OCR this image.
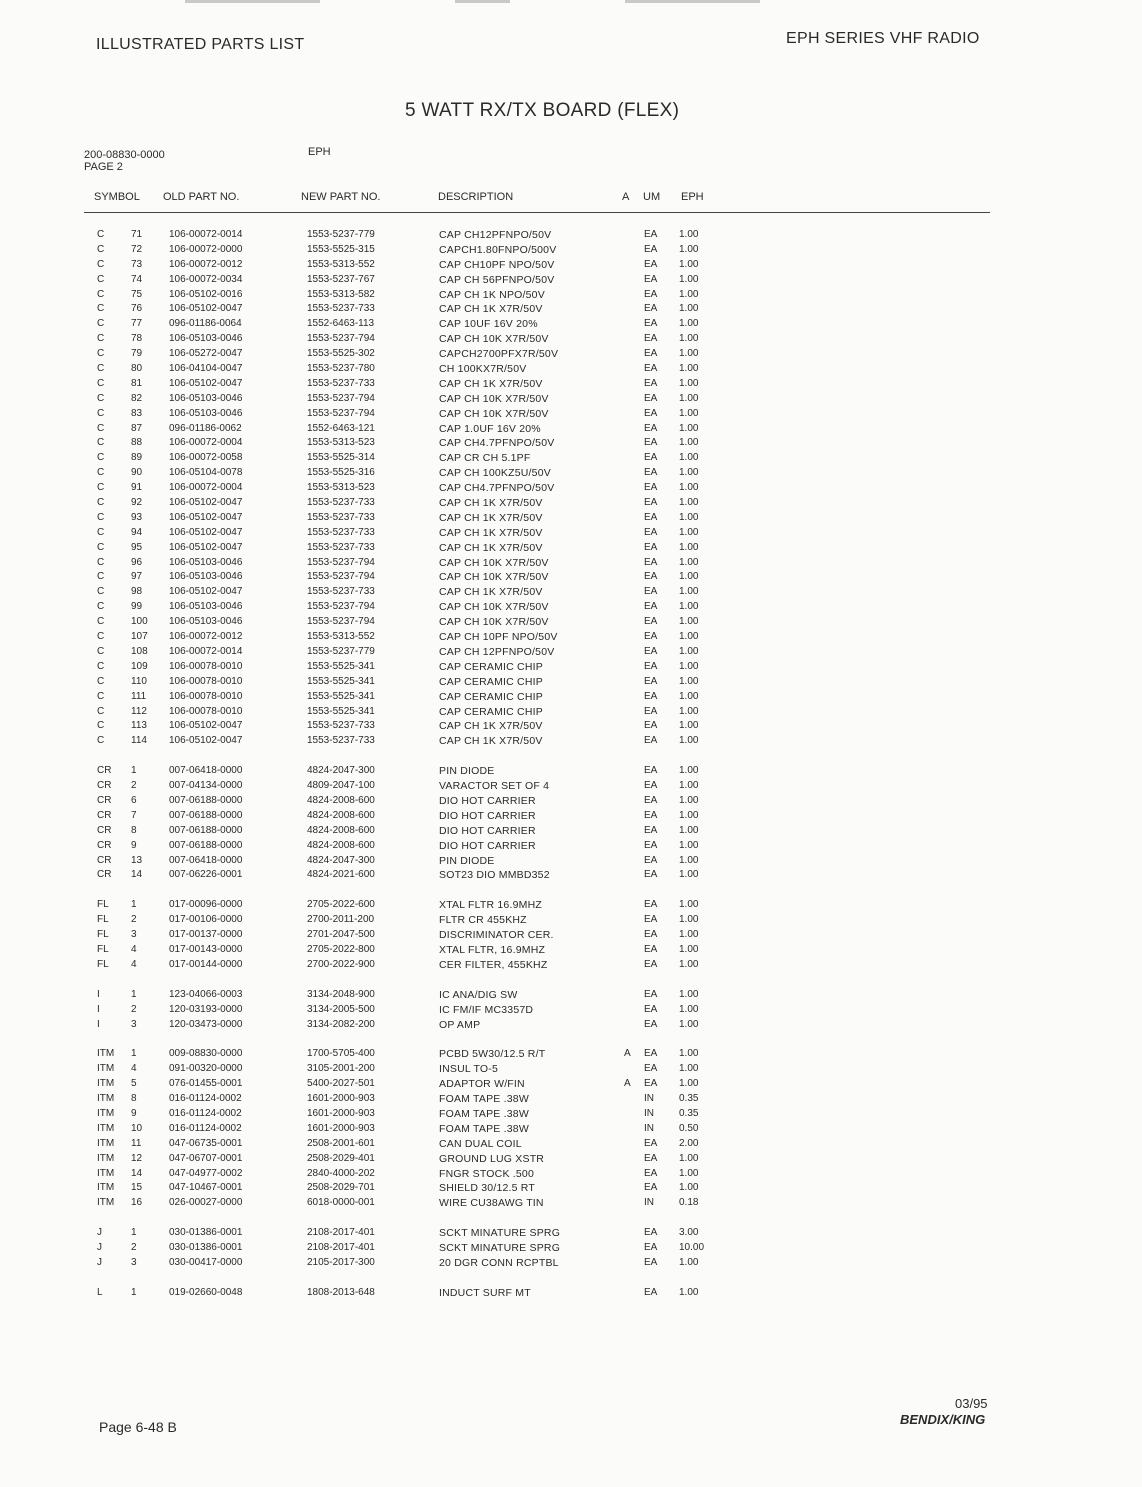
ILLUSTRATED PARTS LIST	EPH SERIES VHF RADIO
5 WATT RX/TX BOARD (FLEX)
200-08830-0000
PAGE 2
EPH
SYMBOL OLD PART NO.	NEW PART NO.	DESCRIPTION	A UM EPH
C	71	106-00072-0014	1553-5237-779	CAP CH12PFNPO/50V	EA 1.00
C	72	106-00072-0000	1553-5525-315	CAPCH1.80FNPO/500V	EA 1.00
C	73	106-00072-0012	1553-5313-552	CAP CH10PF NPO/50V	EA 1.00
C	74	106-00072-0034	1553-5237-767	CAP CH 56PFNPO/50V	EA 1.00
C	75	106-05102-0016	1553-5313-582	CAP CH 1K NPO/50V	EA 1.00
C	76	106-05102-0047	1553-5237-733	CAP CH 1K X7R/50V	EA 1.00
C	77	096-01186-0064	1552-6463-113	CAP 10UF 16V 20%	EA 1.00
C	78	106-05103-0046	1553-5237-794	CAP CH 10K X7R/50V	EA 1.00
C	79	106-05272-0047	1553-5525-302	CAPCH2700PFX7R/50V	EA 1.00
C	80	106-04104-0047	1553-5237-780	CH 100KX7R/50V	EA 1.00
C	81	106-05102-0047	1553-5237-733	CAP CH 1K X7R/50V	EA 1.00
C	82	106-05103-0046	1553-5237-794	CAP CH 10K X7R/50V	EA 1.00
C	83	106-05103-0046	1553-5237-794	CAP CH 10K X7R/50V	EA 1.00
C	87	096-01186-0062	1552-6463-121	CAP 1.0UF 16V 20%	EA 1.00
C	88	106-00072-0004	1553-5313-523	CAP CH4.7PFNPO/50V	EA 1.00
C	89	106-00072-0058	1553-5525-314	CAP CR CH 5.1PF	EA 1.00
C	90	106-05104-0078	1553-5525-316	CAP CH 100KZ5U/50V	EA 1.00
C	91	106-00072-0004	1553-5313-523	CAP CH4.7PFNPO/50V	EA 1.00
C	92	106-05102-0047	1553-5237-733	CAP CH 1K X7R/50V	EA 1.00
C	93	106-05102-0047	1553-5237-733	CAP CH 1K X7R/50V	EA 1.00
C	94	106-05102-0047	1553-5237-733	CAP CH 1K X7R/50V	EA 1.00
C	95	106-05102-0047	1553-5237-733	CAP CH 1K X7R/50V	EA 1.00
C	96	106-05103-0046	1553-5237-794	CAP CH 10K X7R/50V	EA 1.00
C	97	106-05103-0046	1553-5237-794	CAP CH 10K X7R/50V	EA 1.00
C	98	106-05102-0047	1553-5237-733	CAP CH 1K X7R/50V	EA 1.00
C	99	106-05103-0046	1553-5237-794	CAP CH 10K X7R/50V	EA 1.00
C	100 106-05103-0046	1553-5237-794	CAP CH 10K X7R/50V	EA 1.00
C	107 106-00072-0012	1553-5313-552	CAP CH 10PF NPO/50V	EA 1.00
C	108 106-00072-0014	1553-5237-779	CAP CH 12PFNPO/50V	EA 1.00
C	109 106-00078-0010	1553-5525-341	CAP CERAMIC CHIP	EA 1.00
C	110 106-00078-0010	1553-5525-341	CAP CERAMIC CHIP	EA 1.00
C	111 106-00078-0010	1553-5525-341	CAP CERAMIC CHIP	EA 1.00
C	112 106-00078-0010	1553-5525-341	CAP CERAMIC CHIP	EA 1.00
C	113 106-05102-0047	1553-5237-733	CAP CH 1K X7R/50V	EA 1.00
C	114 106-05102-0047	1553-5237-733	CAP CH 1K X7R/50V	EA 1.00
CR 1	007-06418-0000	4824-2047-300	PIN DIODE	EA 1.00
CR 2	007-04134-0000	4809-2047-100	VARACTOR SET OF 4	EA 1.00
CR 6	007-06188-0000	4824-2008-600	DIO HOT CARRIER	EA 1.00
CR 7	007-06188-0000	4824-2008-600	DIO HOT CARRIER	EA 1.00
CR 8	007-06188-0000	4824-2008-600	DIO HOT CARRIER	EA 1.00
CR 9	007-06188-0000	4824-2008-600	DIO HOT CARRIER	EA 1.00
CR 13	007-06418-0000	4824-2047-300	PIN DIODE	EA 1.00
CR 14	007-06226-0001	4824-2021-600	SOT23 DIO MMBD352	EA 1.00
FL 1	017-00096-0000	2705-2022-600	XTAL FLTR 16.9MHZ	EA 1.00
FL 2	017-00106-0000	2700-2011-200	FLTR CR 455KHZ	EA 1.00
FL 3	017-00137-0000	2701-2047-500	DISCRIMINATOR CER.	EA 1.00
FL 4	017-00143-0000	2705-2022-800	XTAL FLTR, 16.9MHZ	EA 1.00
FL 4	017-00144-0000	2700-2022-900	CER FILTER, 455KHZ	EA 1.00
I	1	123-04066-0003	3134-2048-900	IC ANA/DIG SW	EA 1.00
I	2	120-03193-0000	3134-2005-500	IC FM/IF MC3357D	EA 1.00
I	3	120-03473-0000	3134-2082-200	OP AMP	EA 1.00
ITM 1	009-08830-0000	1700-5705-400	PCBD 5W30/12.5 R/T	A EA 1.00
ITM 4	091-00320-0000	3105-2001-200	INSUL TO-5	EA 1.00
ITM 5	076-01455-0001	5400-2027-501	ADAPTOR W/FIN	A EA 1.00
ITM 8	016-01124-0002	1601-2000-903	FOAM TAPE .38W	IN	0.35
ITM 9	016-01124-0002	1601-2000-903	FOAM TAPE .38W	IN	0.35
ITM 10	016-01124-0002	1601-2000-903	FOAM TAPE .38W	IN	0.50
ITM 11	047-06735-0001	2508-2001-601	CAN DUAL COIL	EA 2.00
ITM 12	047-06707-0001	2508-2029-401	GROUND LUG XSTR	EA 1.00
ITM 14	047-04977-0002	2840-4000-202	FNGR STOCK .500	EA 1.00
ITM 15	047-10467-0001	2508-2029-701	SHIELD 30/12.5 RT	EA 1.00
ITM 16	026-00027-0000	6018-0000-001	WIRE CU38AWG TIN	IN	0.18
J	1	030-01386-0001	2108-2017-401	SCKT MINATURE SPRG	EA 3.00
J	2	030-01386-0001	2108-2017-401	SCKT MINATURE SPRG	EA 10.00
J	3	030-00417-0000	2105-2017-300	20 DGR CONN RCPTBL	EA 1.00
L	1	019-02660-0048	1808-2013-648	INDUCT SURF MT	EA 1.00
Page 6-48 B
03/95
BENDIX/KING
